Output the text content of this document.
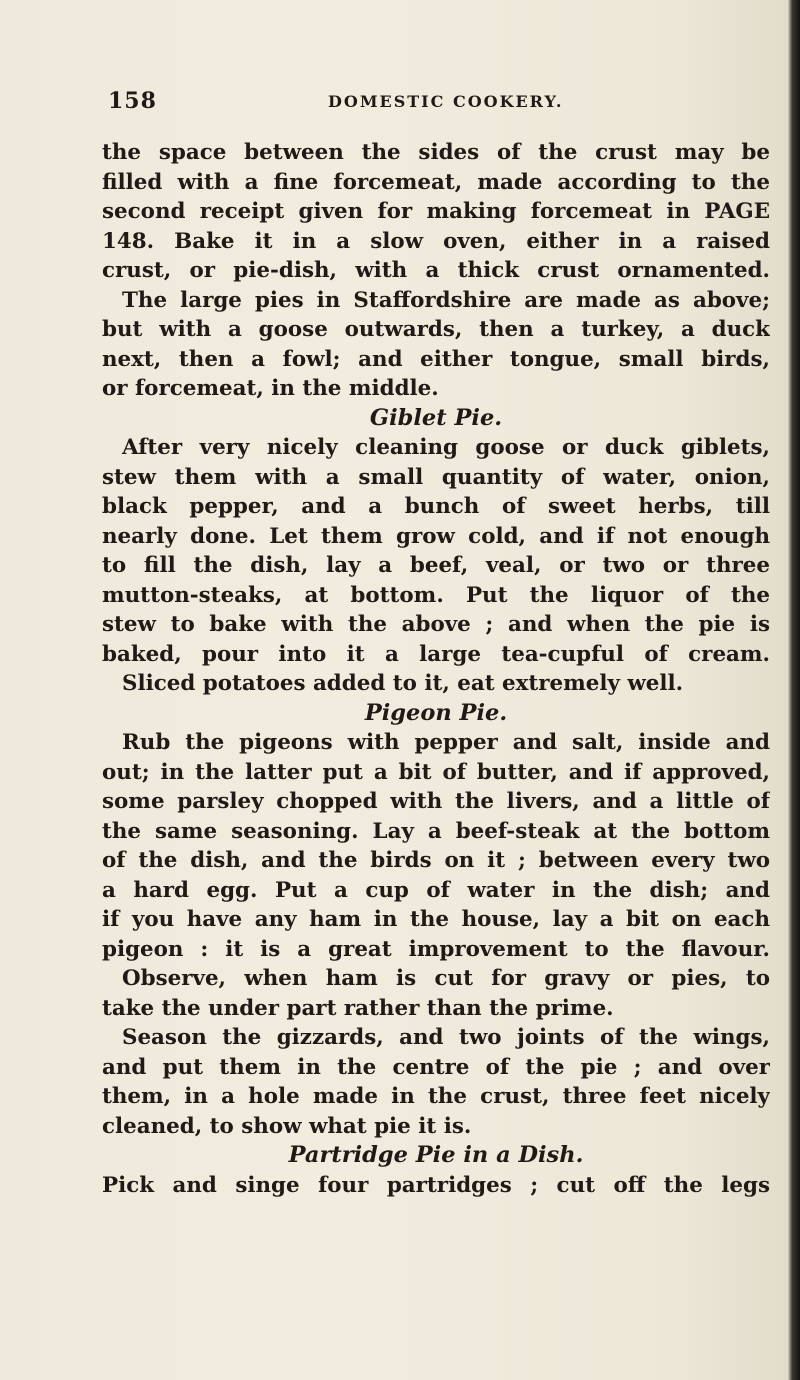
158	DOMESTIC COOKERY.
the space between the sides of the crust may be
filled with a fine forcemeat, made according to the
second receipt given for making forcemeat in PAGE
148. Bake it in a slow oven, either in a raised
crust, or pie-dish, with a thick crust ornamented.
The large pies in Staffordshire are made as above;
but with a goose outwards, then a turkey, a duck
next, then a fowl; and either tongue, small birds,
or forcemeat, in the middle.
Giblet Pie.
After very nicely cleaning goose or duck giblets,
stew them with a small quantity of water, onion,
black pepper, and a bunch of sweet herbs, till
nearly done. Let them grow cold, and if not enough
to fill the dish, lay a beef, veal, or two or three
mutton-steaks, at bottom. Put the liquor of the
stew to bake with the above ; and when the pie is
baked, pour into it a large tea-cupful of cream.
Sliced potatoes added to it, eat extremely well.
Pigeon Pie.
Rub the pigeons with pepper and salt, inside and
out; in the latter put a bit of butter, and if approved,
some parsley chopped with the livers, and a little of
the same seasoning. Lay a beef-steak at the bottom
of the dish, and the birds on it ; between every two
a hard egg. Put a cup of water in the dish; and
if you have any ham in the house, lay a bit on each
pigeon : it is a great improvement to the flavour.
Observe, when ham is cut for gravy or pies, to
take the under part rather than the prime.
Season the gizzards, and two joints of the wings,
and put them in the centre of the pie ; and over
them, in a hole made in the crust, three feet nicely
cleaned, to show what pie it is.
Partridge Pie in a Dish.
Pick and singe four partridges ; cut off the legs
